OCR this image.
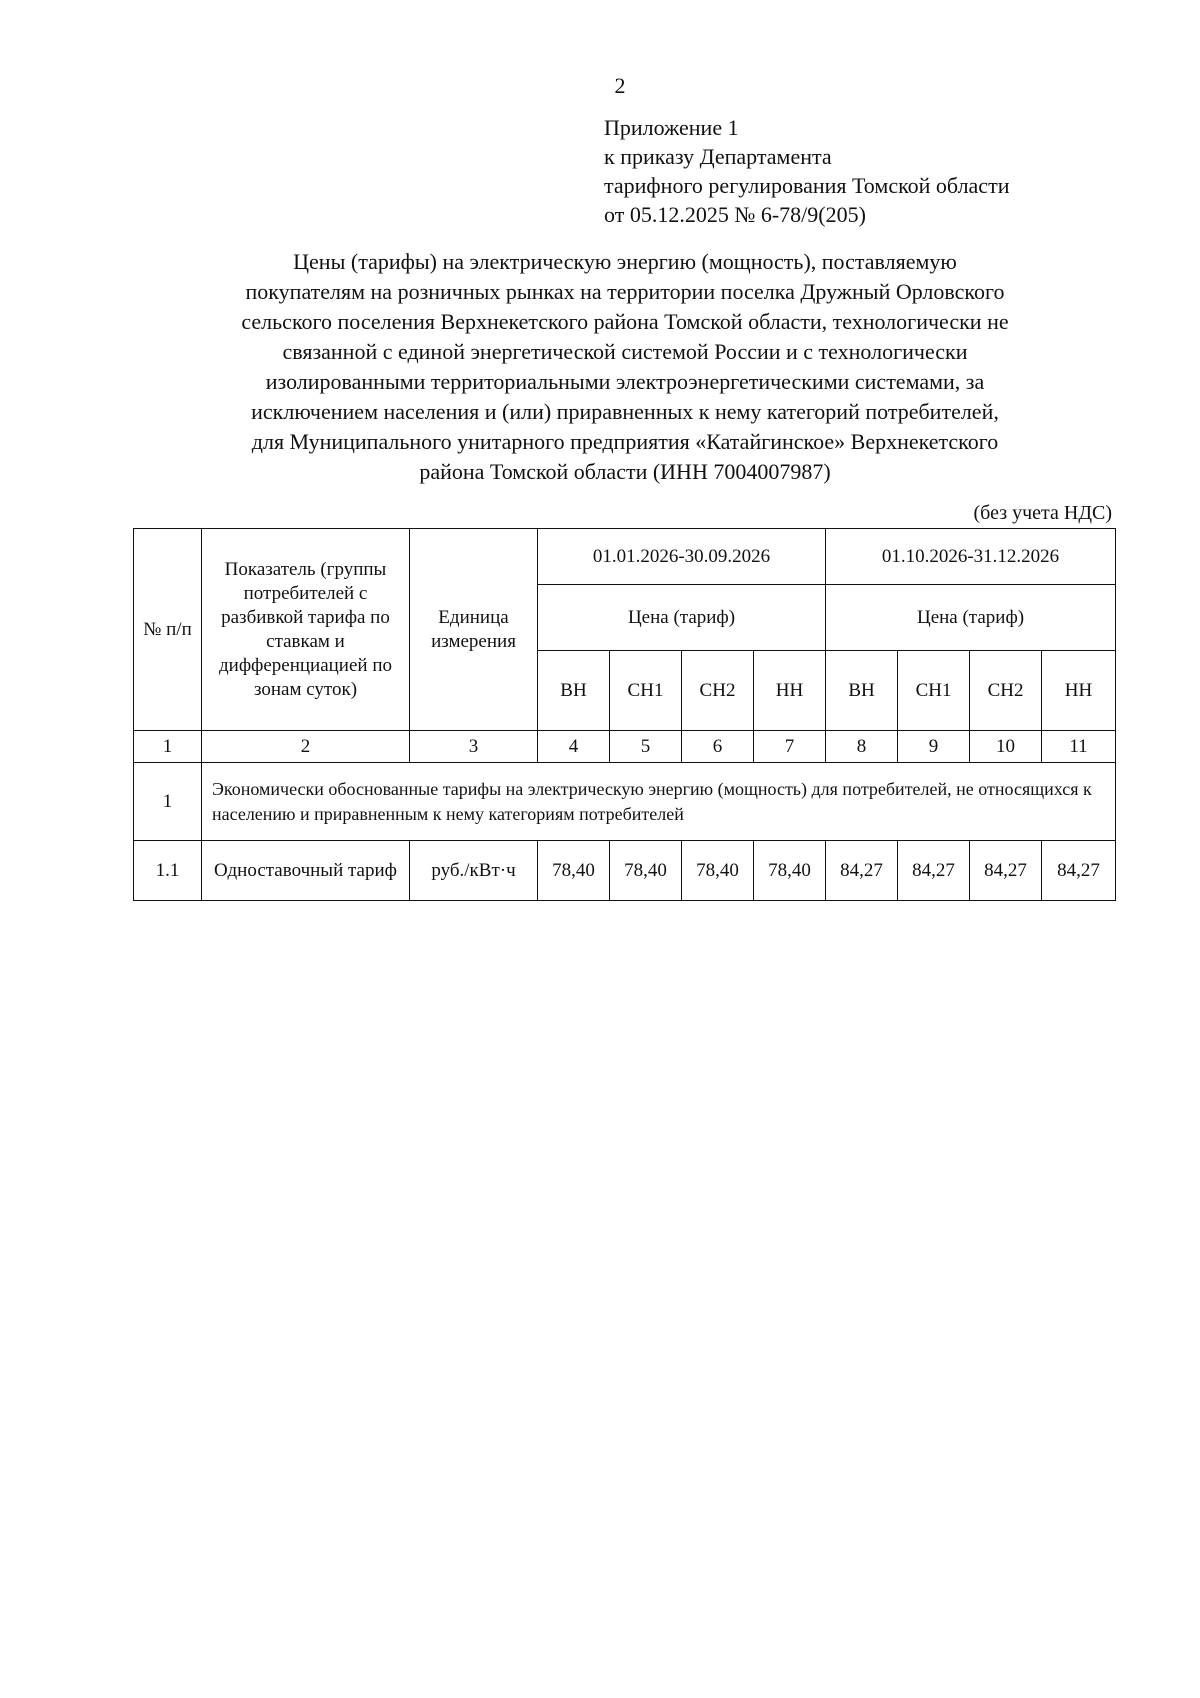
2
Приложение 1
к приказу Департамента
тарифного регулирования Томской области
от 05.12.2025 № 6-78/9(205)
Цены (тарифы) на электрическую энергию (мощность), поставляемую
покупателям на розничных рынках на территории поселка Дружный Орловского
сельского поселения Верхнекетского района Томской области, технологически не
связанной с единой энергетической системой России и с технологически
изолированными территориальными электроэнергетическими системами, за
исключением населения и (или) приравненных к нему категорий потребителей,
для Муниципального унитарного предприятия «Катайгинское» Верхнекетского
района Томской области (ИНН 7004007987)
(без учета НДС)
№ п/п	Показатель (группы потребителей с разбивкой тарифа по ставкам и дифференциацией по зонам суток)	Единица измерения	01.01.2026-30.09.2026				01.10.2026-31.12.2026			
			Цена (тариф)				Цена (тариф)			
			ВН	СН1	СН2	НН	ВН	СН1	СН2	НН
1	2	3	4	5	6	7	8	9	10	11
1	Экономически обоснованные тарифы на электрическую энергию (мощность) для потребителей, не относящихся к населению и приравненным к нему категориям потребителей									
1.1	Одноставочный тариф	руб./кВт·ч	78,40	78,40	78,40	78,40	84,27	84,27	84,27	84,27
